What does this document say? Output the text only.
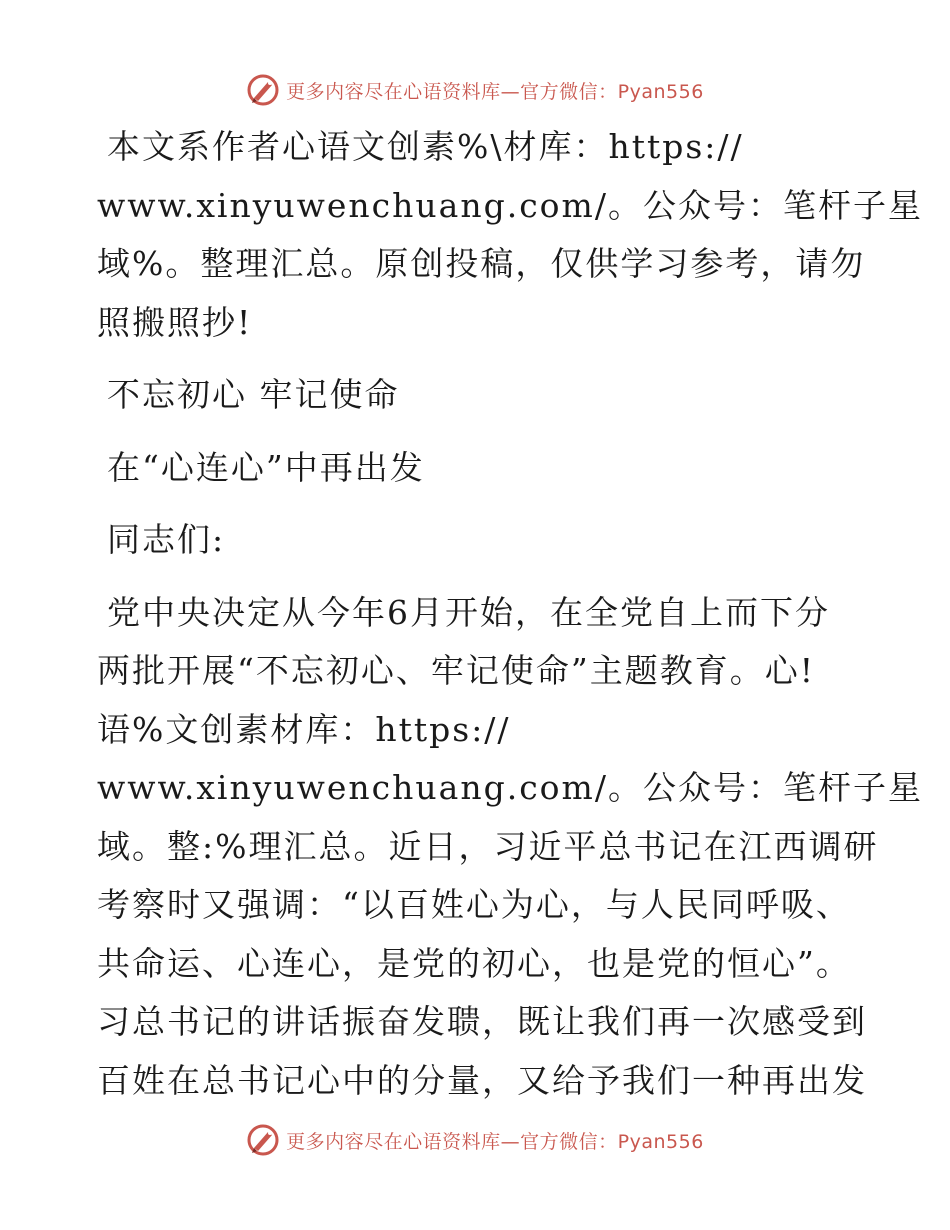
更多内容尽在心语资料库—官方微信：Pyan556

本文系作者心语文创素%\材库：https://

www.xinyuwenchuang.com/。公众号：笔杆子星

域%。整理汇总。原创投稿，仅供学习参考，请勿

照搬照抄!

不忘初心 牢记使命

在“心连心”中再出发

同志们:

党中央决定从今年6月开始，在全党自上而下分

两批开展“不忘初心、牢记使命”主题教育。心!

语%文创素材库：https://

www.xinyuwenchuang.com/。公众号：笔杆子星

域。整:%理汇总。近日，习近平总书记在江西调研

考察时又强调：“以百姓心为心，与人民同呼吸、

共命运、心连心，是党的初心，也是党的恒心”。

习总书记的讲话振奋发聩，既让我们再一次感受到

百姓在总书记心中的分量，又给予我们一种再出发

更多内容尽在心语资料库—官方微信：Pyan556
